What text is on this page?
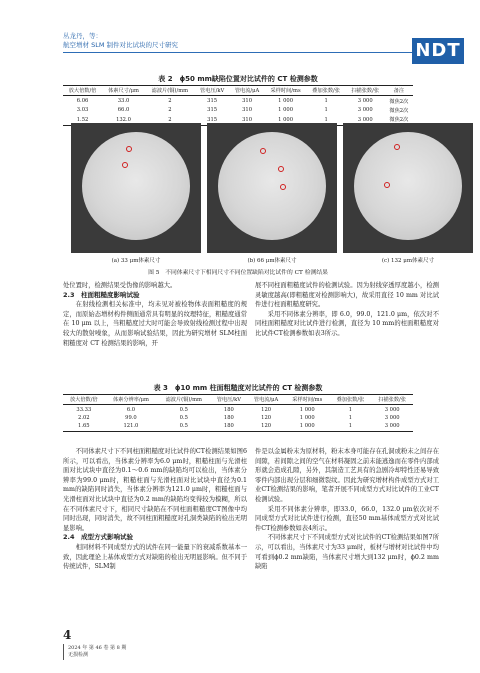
丛龙丹，等：
航空增材 SLM 制件对比试块的尺寸研究	NDT
表 2　ϕ50 mm缺陷位置对比试件的 CT 检测参数
放大倍数/倍	体素尺寸/μm	滤波片(铜)/mm	管电压/kV	管电流/μA	采样时间/ms	叠加张数/张	扫描张数/张	备注
6.06	33.0	2	315	310	1 000	1	3 000	微焦2次
3.03	66.0	2	315	310	1 000	1	3 000	微焦2次
1.52	132.0	2	315	310	1 000	1	3 000	微焦2次
(a) 33 μm体素尺寸	(b) 66 μm体素尺寸	(c) 132 μm体素尺寸
图 5　不同体素尺寸下相同尺寸不同位置缺陷对比试件的 CT 检测结果
处位置时，检测结果受伪像的影响越大。
2.3　柱面粗糙度影响试验

在射线检测相关标准中，均未见对被检物体表面粗糙度的规定，而原始态增材构件侧面通常具有明显的纹理特征，粗糙度通常在 10 μm 以上，当粗糙度过大时可能会导致射线检测过程中出现较大的散射噪象，从而影响试验结果，因此为研究增材 SLM柱面粗糙度对 CT 检测结果的影响，开

展不同柱面粗糙度试件的检测试验。因为射线穿透厚度越小，检测灵敏度越高(即粗糙度对检测影响大)，故采用直径 10 mm 对比试件进行柱面粗糙度研究。

采用不同体素分辨率，即 6.0，99.0，121.0 μm，依次对不同柱面粗糙度对比试件进行检测，直径为 10 mm的柱面粗糙度对比试件CT检测参数如表3所示。

表 3　ϕ10 mm 柱面粗糙度对比试件的 CT 检测参数
放大倍数/倍	体素分辨率/μm	滤波片(铜)/mm	管电压/kV	管电流/μA	采样时间/ms	叠加张数/张	扫描张数/张
33.33	6.0	0.5	180	120	1 000	1	3 000
2.02	99.0	0.5	180	120	1 000	1	3 000
1.65	121.0	0.5	180	120	1 000	1	3 000

不同体素尺寸下不同柱面粗糙度对比试件的CT检测结果如图6所示，可以看出，当体素分辨率为6.0 μm时，粗糙柱面与光滑柱面对比试块中直径为0.1～0.6 mm的缺陷均可以检出，当体素分辨率为99.0 μm时，粗糙柱面与光滑柱面对比试块中直径为0.1 mm的缺陷同时消失，当体素分辨率为121.0 μm时，粗糙柱面与光滑柱面对比试块中直径为0.2 mm的缺陷均变得较为模糊，所以在不同体素尺寸下，相同尺寸缺陷在不同柱面粗糙度CT图像中均同时出现，同时消失，故不同柱面粗糙度对孔洞类缺陷的检出无明显影响。

2.4　成型方式影响试验

相同材料不同成型方式的试件在同一能量下的衰减系数基本一致，因此理论上基体成型方式对缺陷的检出无明显影响。但不同于传统试件，SLM制

件是以金属粉末为原材料，粉末本身可能存在孔洞或粉末之间存在间隙，若间隙之间的空气在材料凝固之前未能逃逸而在零件内部成形就会造成孔隙，另外，其制造工艺具有的急剧冷却特性还易导致零件内部出现分层和细微裂纹。因此为研究增材构件成型方式对工业CT检测结果的影响，笔者开展不同成型方式对比试件的工业CT检测试验。

采用不同体素分辨率，即33.0，66.0，132.0 μm依次对不同成型方式对比试件进行检测，直径50 mm基体成型方式对比试件CT检测参数如表4所示。

不同体素尺寸下不同成型方式对比试件的CT检测结果如图7所示，可以看出，当体素尺寸为33 μm时，板材与增材对比试件中均可看到ϕ0.2 mm缺陷，当体素尺寸增大到132 μm时，ϕ0.2 mm缺陷

4
2024 年 第 46 卷 第 8 期
无损检测
